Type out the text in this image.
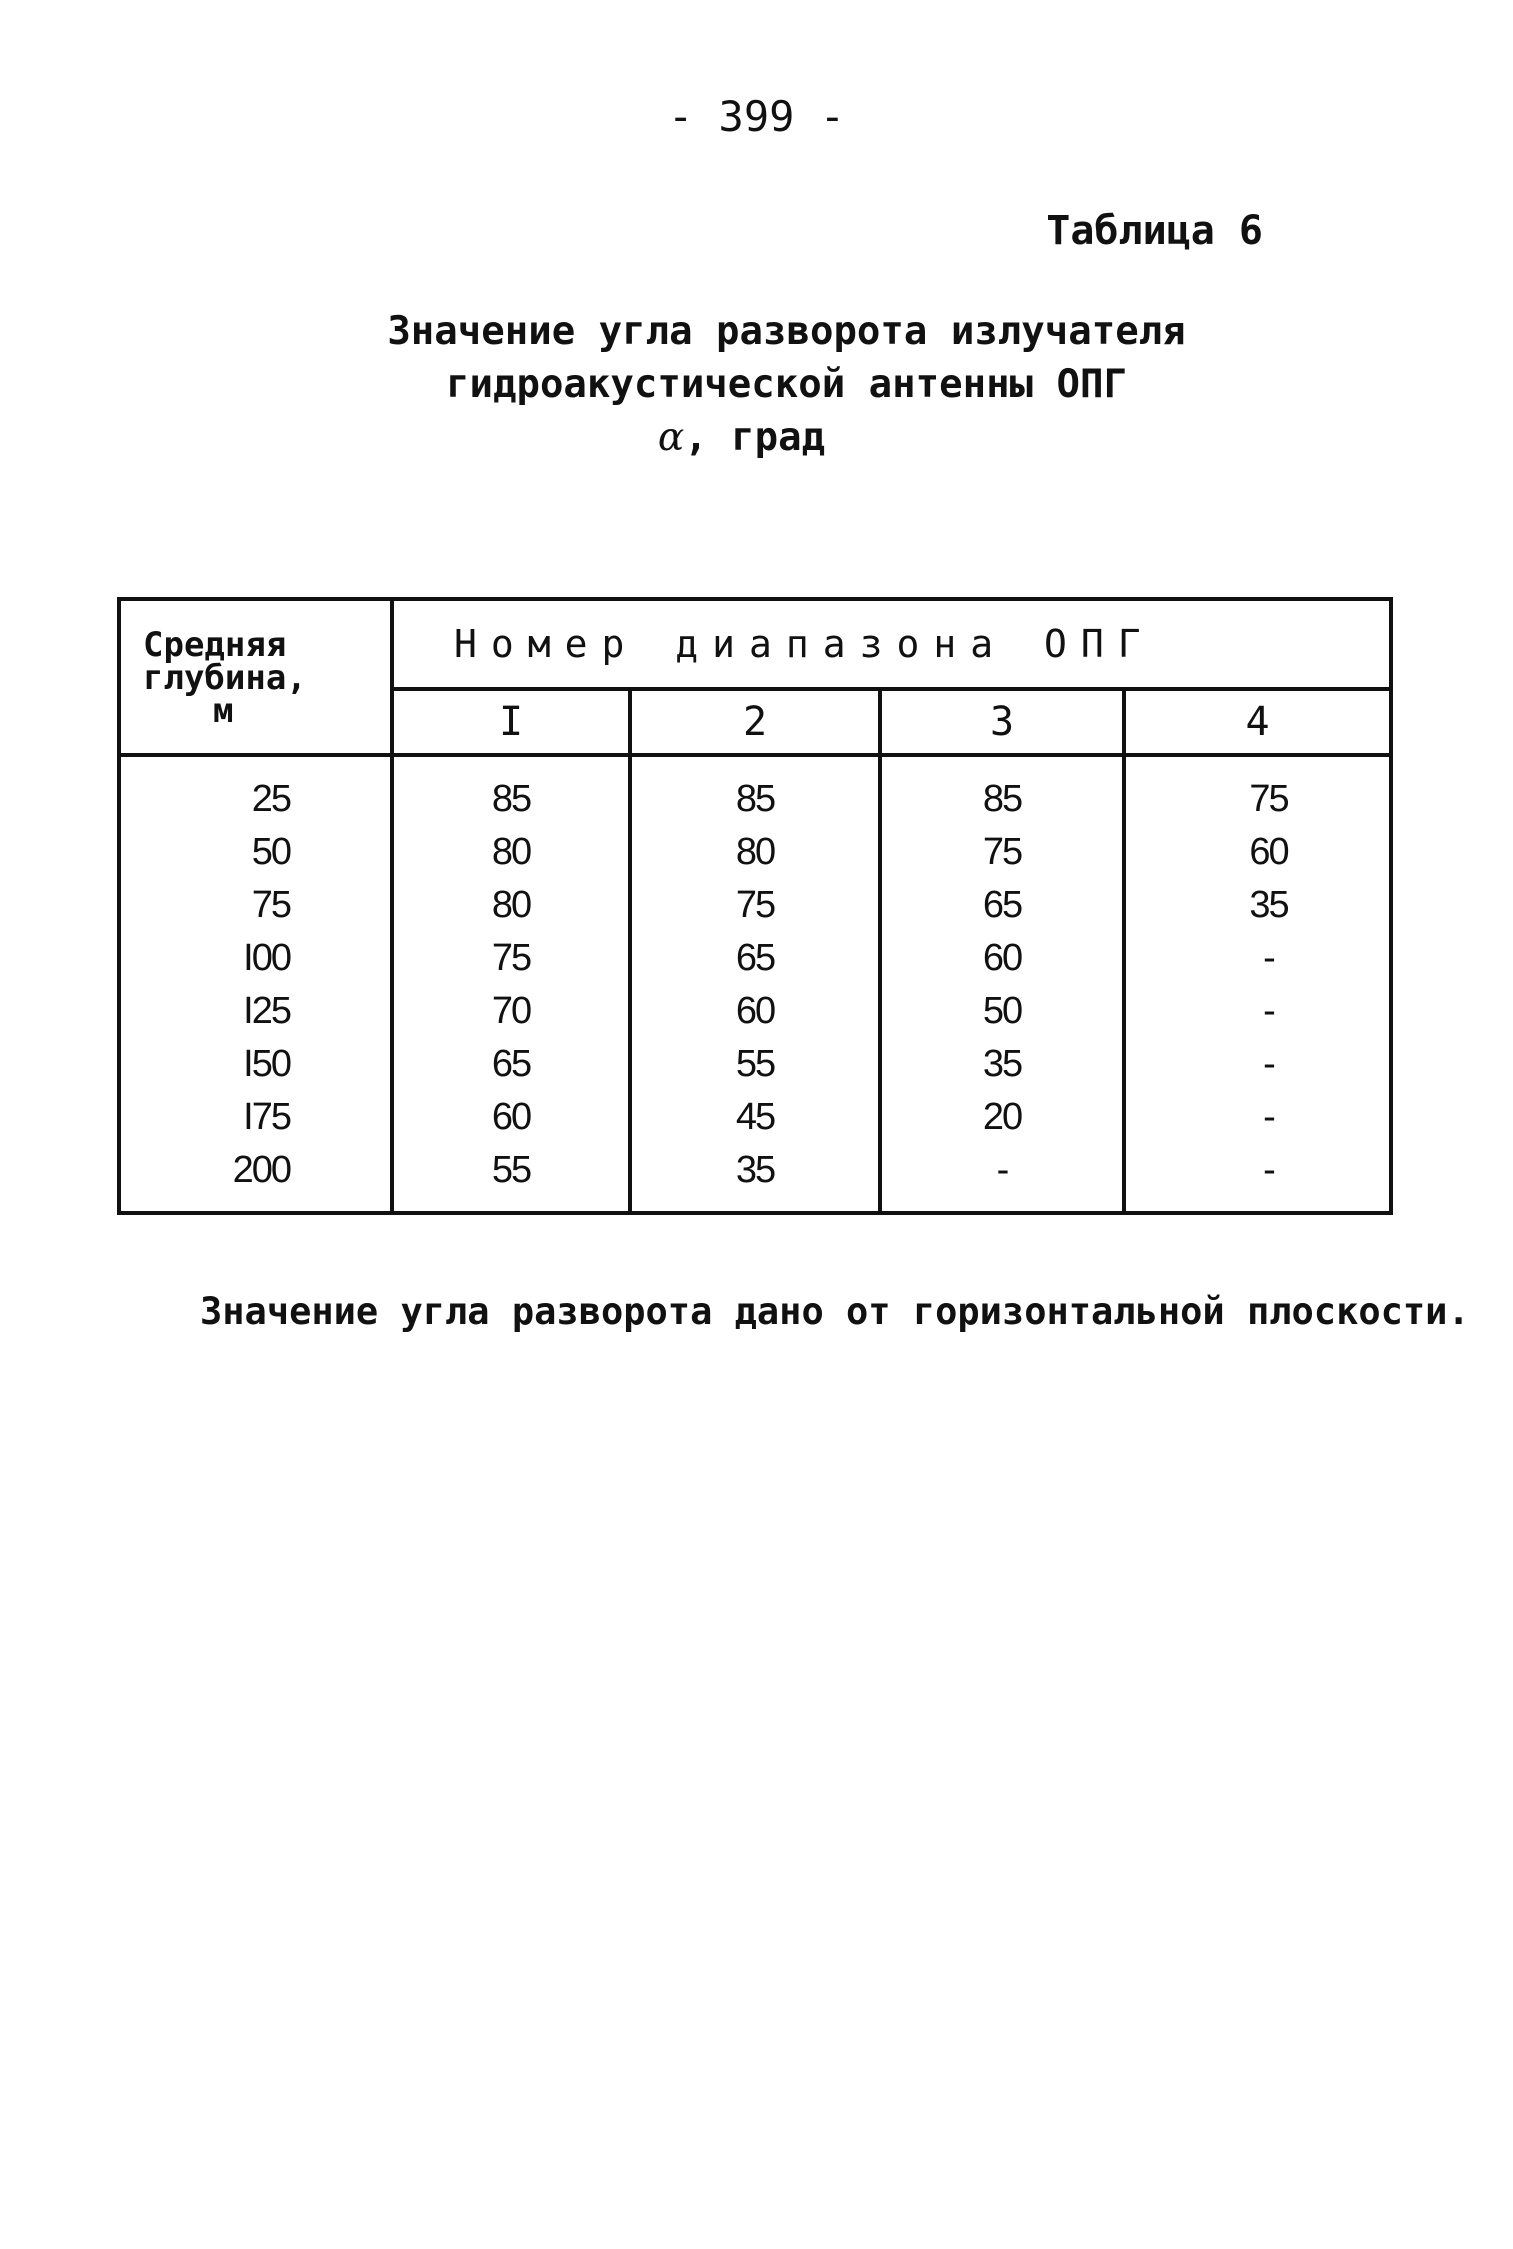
- 399 -
Таблица 6
Значение угла разворота излучателя
гидроакустической антенны ОПГ
α, град
Средняя
глубина,
м	Номер диапазона ОПГ			
	I	2	3	4

25	85	85	85	75
50	80	80	75	60
75	80	75	65	35
I00	75	65	60	-
I25	70	60	50	-
I50	65	55	35	-
I75	60	45	20	-
200	55	35	-	-

Значение угла разворота дано от горизонтальной плоскости.
